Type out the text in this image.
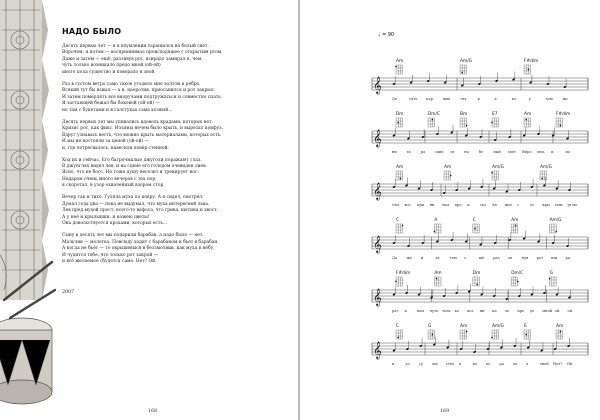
НАДО БЫЛО
Десять первых лет — я в изумлении таращился на белый свет.
Впрочем, и потом — восприниимал происходящее с открытым ртом.
Даже и затем — ещё, раззявув рот, взирадо замирал я, чем,
чуть только возникало предо мной (ой-ой)
иного пола существо и поворало в зной.
Раз в густом ветро само такое угодило мне золтом в ребро.
Всякий тут бы взвыл — а я, наоротив, приосанился и рот закрыл.
И затем померлять все вноручами подтружаться и совместно спать.
Я застающей бежал бы боковой (ой-ой) —
но там с букетами и в галстуках сама хозяюй…
Десять первых лет мы упивались вдоволь крадами, которых нет.
Кризис рос, как фикс. Изъяны нечем было крыть, и вырезал конфуз.
Вдруг узнавась весть, что можно крыть материалами, которых есть.
И мы не постояли за ценой (ой-ой) —
и, где потресвалось, навесили ковёр стенной.
Ход их и сейчас. Его багрочмалые джуголи поражают глаз.
В джунглях видел лев, и на сцене его голодом очевиден лиев.
Ясно, что не босс. Но тоже душу веселит и тренирует нос.
Недаром очень много вечеров с тех пор
я скоротал, в узор охваченный взором стор.
Вечер так и тихо. Гуляла муха по ковру. А я сидел, смотрел.
Думал года два — пока не выдумал, что муха интересней льва.
Лев пред мухой прост: всего-то вафоса, что грива, щетина и хвост.
А у неё и крылышки, и кожею цветы!
Она довольствуется крохами, которых есть…
Сыну в десять лет мы подарили барабан, а надо было — нет.
Мальчик — молотка. Повсюду ходит с барабаном и бьет в барабан.
А когда не бьёт — то окрышевыся в беззмолвии, как муха в нёбу,
И чудится тебе, что только рот закрой —
и всё желаемое сбудется само. Нет? Ой.
2007
168	169
♩ = 90
𝄞
Am	Am/G	F#dim
Де	сять пер	вых	лет	я	в	из	у	мле	ни
𝄞
Dm	Dm/C	Bm	E7	Am	F#dim
ни	та	ра	щил ся	на	бе	лый свет. Впро чем, и	по
𝄞
Am	Am	Am/G	Am/G
том вос при ни мал про и	схо дя щее с	от кры тым ртом.
𝄞
C	A	C	Am	Am/G
Да	же	и	за	тем е	щё раз зя	вув рот взи ра
𝄞
F#dim	Am	Dm	Dm/C	G
раз и	вам чуть толь ко воз ни ка ло пре до мной ой ой
𝄞
C	G	Am	Am/G	E	Am
и	до	су	ще ство и	по во	ра ло в	зной. Нет? Ой.
